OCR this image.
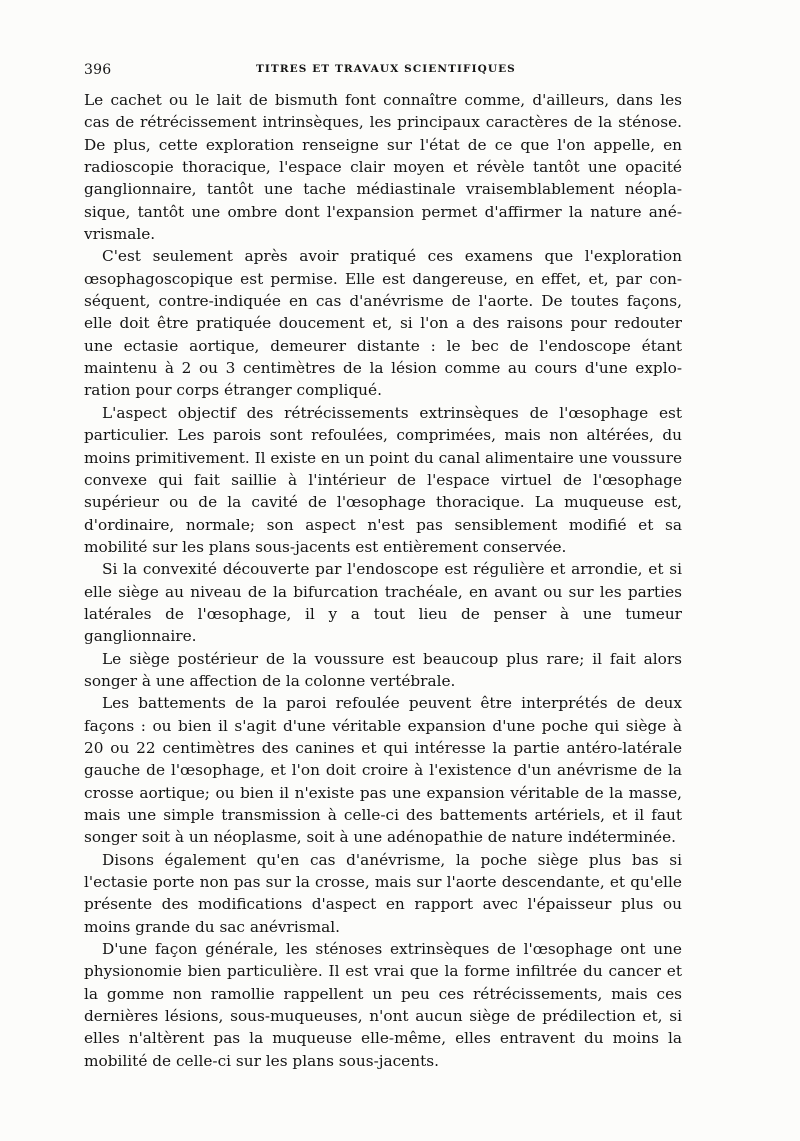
396	TITRES ET TRAVAUX SCIENTIFIQUES

Le cachet ou le lait de bismuth font connaître comme, d'ailleurs, dans les cas de rétrécissement intrinsèques, les principaux caractères de la sténose. De plus, cette exploration renseigne sur l'état de ce que l'on appelle, en radioscopie thoracique, l'espace clair moyen et révèle tantôt une opacité ganglionnaire, tantôt une tache médiastinale vraisemblablement néoplasique, tantôt une ombre dont l'expansion permet d'affirmer la nature anévrismale.

C'est seulement après avoir pratiqué ces examens que l'exploration œsophagoscopique est permise. Elle est dangereuse, en effet, et, par conséquent, contre-indiquée en cas d'anévrisme de l'aorte. De toutes façons, elle doit être pratiquée doucement et, si l'on a des raisons pour redouter une ectasie aortique, demeurer distante : le bec de l'endoscope étant maintenu à 2 ou 3 centimètres de la lésion comme au cours d'une exploration pour corps étranger compliqué.

L'aspect objectif des rétrécissements extrinsèques de l'œsophage est particulier. Les parois sont refoulées, comprimées, mais non altérées, du moins primitivement. Il existe en un point du canal alimentaire une voussure convexe qui fait saillie à l'intérieur de l'espace virtuel de l'œsophage supérieur ou de la cavité de l'œsophage thoracique. La muqueuse est, d'ordinaire, normale; son aspect n'est pas sensiblement modifié et sa mobilité sur les plans sous-jacents est entièrement conservée.

Si la convexité découverte par l'endoscope est régulière et arrondie, et si elle siège au niveau de la bifurcation trachéale, en avant ou sur les parties latérales de l'œsophage, il y a tout lieu de penser à une tumeur ganglionnaire.

Le siège postérieur de la voussure est beaucoup plus rare; il fait alors songer à une affection de la colonne vertébrale.

Les battements de la paroi refoulée peuvent être interprétés de deux façons : ou bien il s'agit d'une véritable expansion d'une poche qui siège à 20 ou 22 centimètres des canines et qui intéresse la partie antéro-latérale gauche de l'œsophage, et l'on doit croire à l'existence d'un anévrisme de la crosse aortique; ou bien il n'existe pas une expansion véritable de la masse, mais une simple transmission à celle-ci des battements artériels, et il faut songer soit à un néoplasme, soit à une adénopathie de nature indéterminée.

Disons également qu'en cas d'anévrisme, la poche siège plus bas si l'ectasie porte non pas sur la crosse, mais sur l'aorte descendante, et qu'elle présente des modifications d'aspect en rapport avec l'épaisseur plus ou moins grande du sac anévrismal.

D'une façon générale, les sténoses extrinsèques de l'œsophage ont une physionomie bien particulière. Il est vrai que la forme infiltrée du cancer et la gomme non ramollie rappellent un peu ces rétrécissements, mais ces dernières lésions, sous-muqueuses, n'ont aucun siège de prédilection et, si elles n'altèrent pas la muqueuse elle-même, elles entravent du moins la mobilité de celle-ci sur les plans sous-jacents.
